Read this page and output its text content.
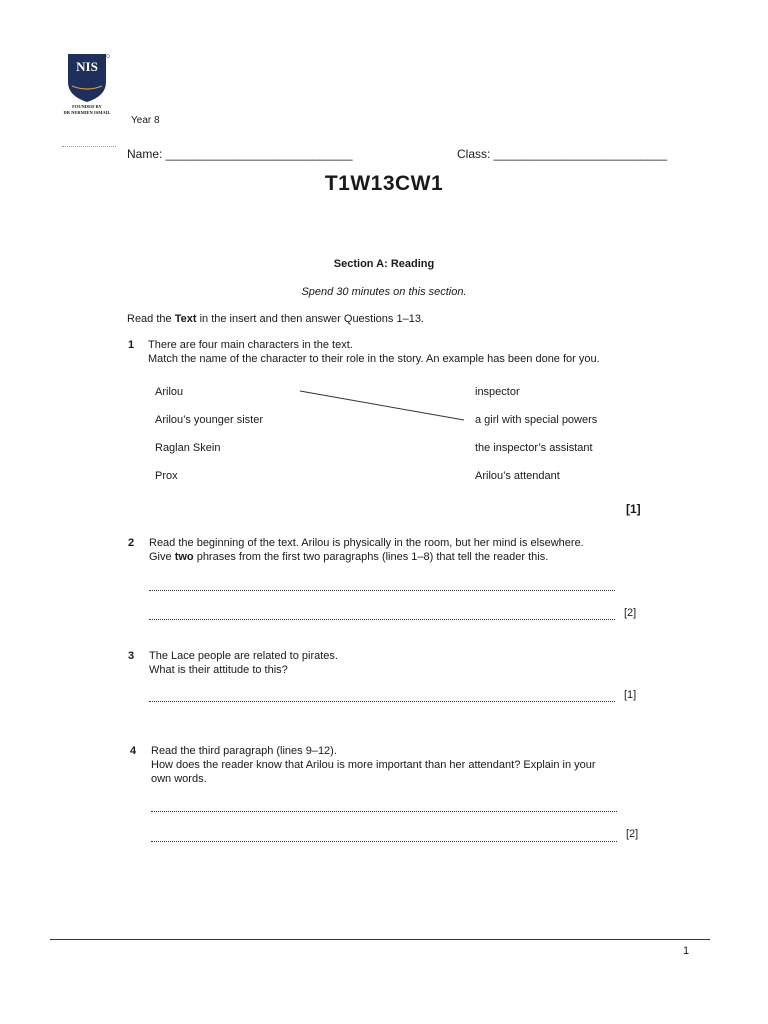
NIS
FOUNDED BY
DR NERMIEN ISMAIL
Year 8
Name: ____________________________	Class: __________________________
T1W13CW1
Section A: Reading
Spend 30 minutes on this section.
Read the Text in the insert and then answer Questions 1–13.
1 There are four main characters in the text.
Match the name of the character to their role in the story. An example has been done for you.
Arilou
Arilou’s younger sister
Raglan Skein
Prox
inspector
a girl with special powers
the inspector’s assistant
Arilou’s attendant
[1]
2 Read the beginning of the text. Arilou is physically in the room, but her mind is elsewhere.
Give two phrases from the first two paragraphs (lines 1–8) that tell the reader this.
[2]
3 The Lace people are related to pirates.
What is their attitude to this?
[1]
4 Read the third paragraph (lines 9–12).
How does the reader know that Arilou is more important than her attendant? Explain in your
own words.
[2]
1
